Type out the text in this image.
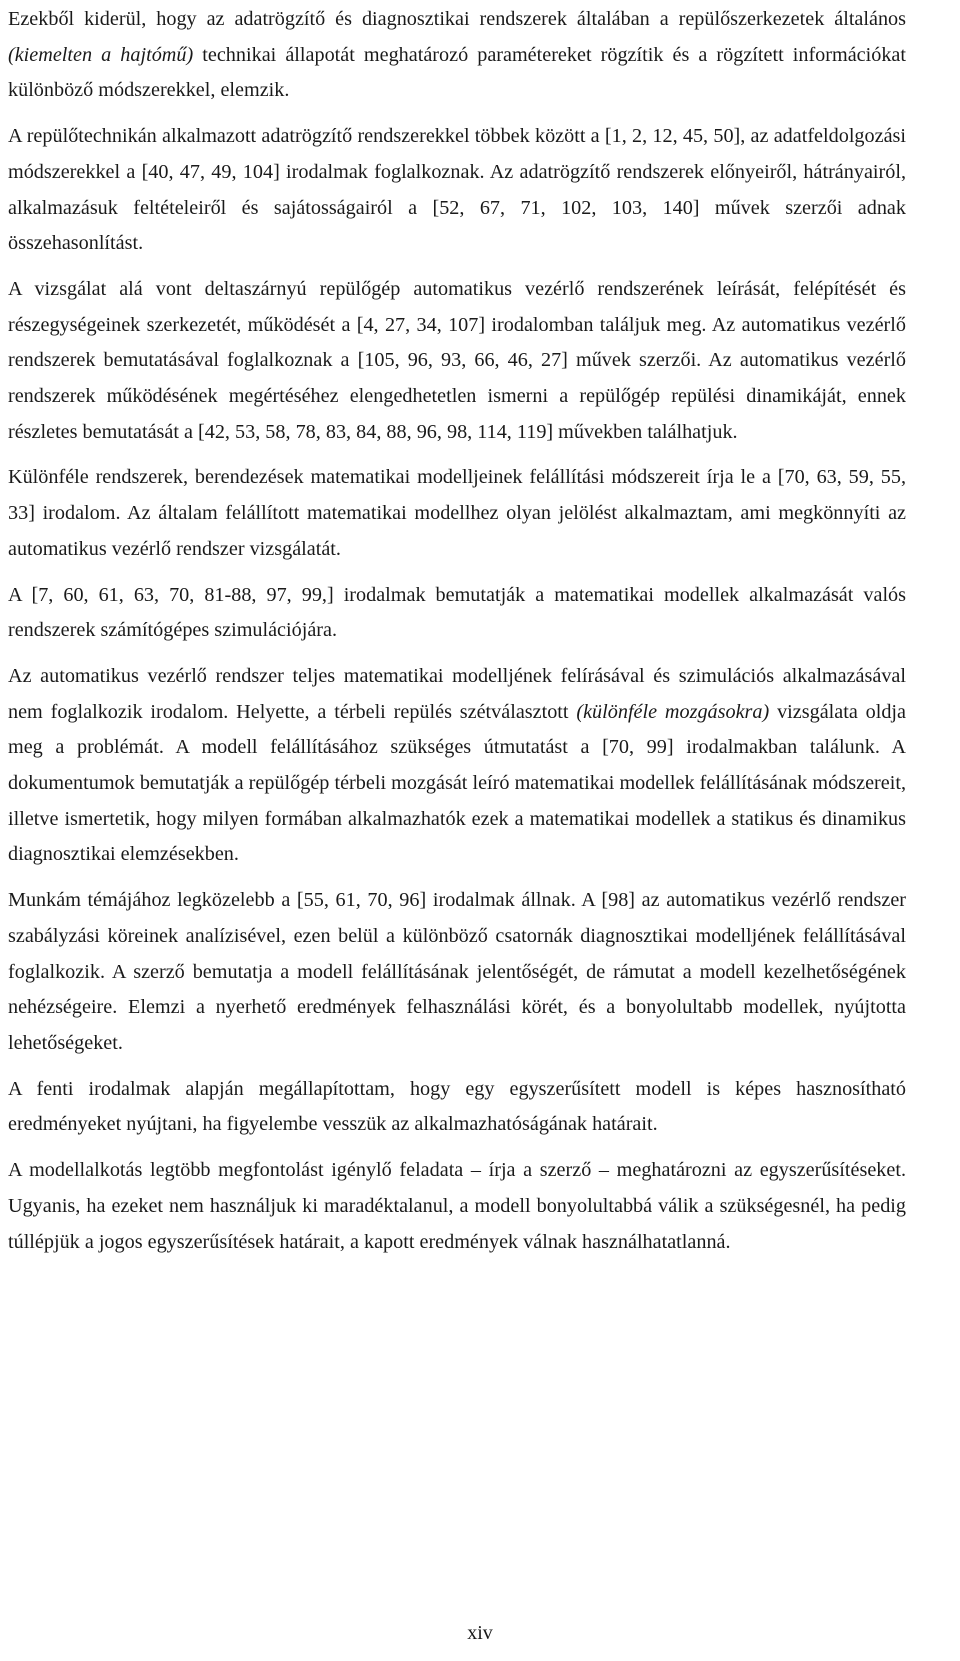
Ezekből kiderül, hogy az adatrögzítő és diagnosztikai rendszerek általában a repülőszerkezetek általános (kiemelten a hajtómű) technikai állapotát meghatározó paramétereket rögzítik és a rögzített információkat különböző módszerekkel, elemzik.

A repülőtechnikán alkalmazott adatrögzítő rendszerekkel többek között a [1, 2, 12, 45, 50], az adatfeldolgozási módszerekkel a [40, 47, 49, 104] irodalmak foglalkoznak. Az adatrögzítő rendszerek előnyeiről, hátrányairól, alkalmazásuk feltételeiről és sajátosságairól a [52, 67, 71, 102, 103, 140] művek szerzői adnak összehasonlítást.

A vizsgálat alá vont deltaszárnyú repülőgép automatikus vezérlő rendszerének leírását, felépítését és részegységeinek szerkezetét, működését a [4, 27, 34, 107] irodalomban találjuk meg. Az automatikus vezérlő rendszerek bemutatásával foglalkoznak a [105, 96, 93, 66, 46, 27] művek szerzői. Az automatikus vezérlő rendszerek működésének megértéséhez elengedhetetlen ismerni a repülőgép repülési dinamikáját, ennek részletes bemutatását a [42, 53, 58, 78, 83, 84, 88, 96, 98, 114, 119] művekben találhatjuk.

Különféle rendszerek, berendezések matematikai modelljeinek felállítási módszereit írja le a [70, 63, 59, 55, 33] irodalom. Az általam felállított matematikai modellhez olyan jelölést alkalmaztam, ami megkönnyíti az automatikus vezérlő rendszer vizsgálatát.

A [7, 60, 61, 63, 70, 81-88, 97, 99,] irodalmak bemutatják a matematikai modellek alkalmazását valós rendszerek számítógépes szimulációjára.

Az automatikus vezérlő rendszer teljes matematikai modelljének felírásával és szimulációs alkalmazásával nem foglalkozik irodalom. Helyette, a térbeli repülés szétválasztott (különféle mozgásokra) vizsgálata oldja meg a problémát. A modell felállításához szükséges útmutatást a [70, 99] irodalmakban találunk. A dokumentumok bemutatják a repülőgép térbeli mozgását leíró matematikai modellek felállításának módszereit, illetve ismertetik, hogy milyen formában alkalmazhatók ezek a matematikai modellek a statikus és dinamikus diagnosztikai elemzésekben.

Munkám témájához legközelebb a [55, 61, 70, 96] irodalmak állnak. A [98] az automatikus vezérlő rendszer szabályzási köreinek analízisével, ezen belül a különböző csatornák diagnosztikai modelljének felállításával foglalkozik. A szerző bemutatja a modell felállításának jelentőségét, de rámutat a modell kezelhetőségének nehézségeire. Elemzi a nyerhető eredmények felhasználási körét, és a bonyolultabb modellek, nyújtotta lehetőségeket.

A fenti irodalmak alapján megállapítottam, hogy egy egyszerűsített modell is képes hasznosítható eredményeket nyújtani, ha figyelembe vesszük az alkalmazhatóságának határait.

A modellalkotás legtöbb megfontolást igénylő feladata – írja a szerző – meghatározni az egyszerűsítéseket. Ugyanis, ha ezeket nem használjuk ki maradéktalanul, a modell bonyolultabbá válik a szükségesnél, ha pedig túllépjük a jogos egyszerűsítések határait, a kapott eredmények válnak használhatatlanná.

xiv
